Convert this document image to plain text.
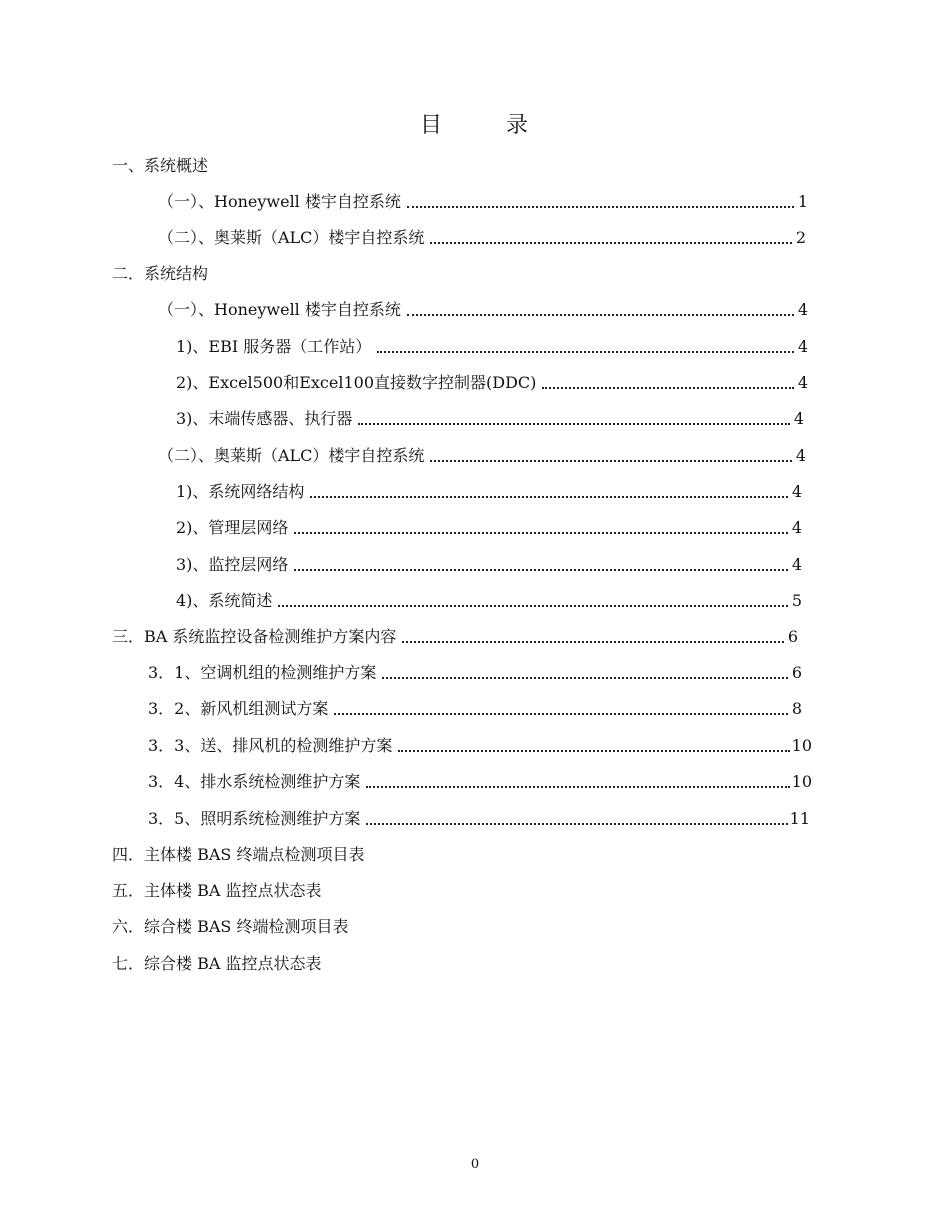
目	录
一、系统概述
（一）、Honeywell 楼宇自控系统	1
（二）、奥莱斯（ALC）楼宇自控系统	2
二．系统结构
（一）、Honeywell 楼宇自控系统	4
1)、EBI 服务器（工作站）	4
2)、Excel500和Excel100直接数字控制器(DDC)	4
3)、末端传感器、执行器	4
（二）、奥莱斯（ALC）楼宇自控系统	4
1)、系统网络结构	4
2)、管理层网络	4
3)、监控层网络	4
4)、系统简述	5
三．BA 系统监控设备检测维护方案内容	6
3．1、空调机组的检测维护方案	6
3．2、新风机组测试方案	8
3．3、送、排风机的检测维护方案	10
3．4、排水系统检测维护方案	10
3．5、照明系统检测维护方案	11
四．主体楼 BAS 终端点检测项目表
五．主体楼 BA 监控点状态表
六．综合楼 BAS 终端检测项目表
七．综合楼 BA 监控点状态表
0
